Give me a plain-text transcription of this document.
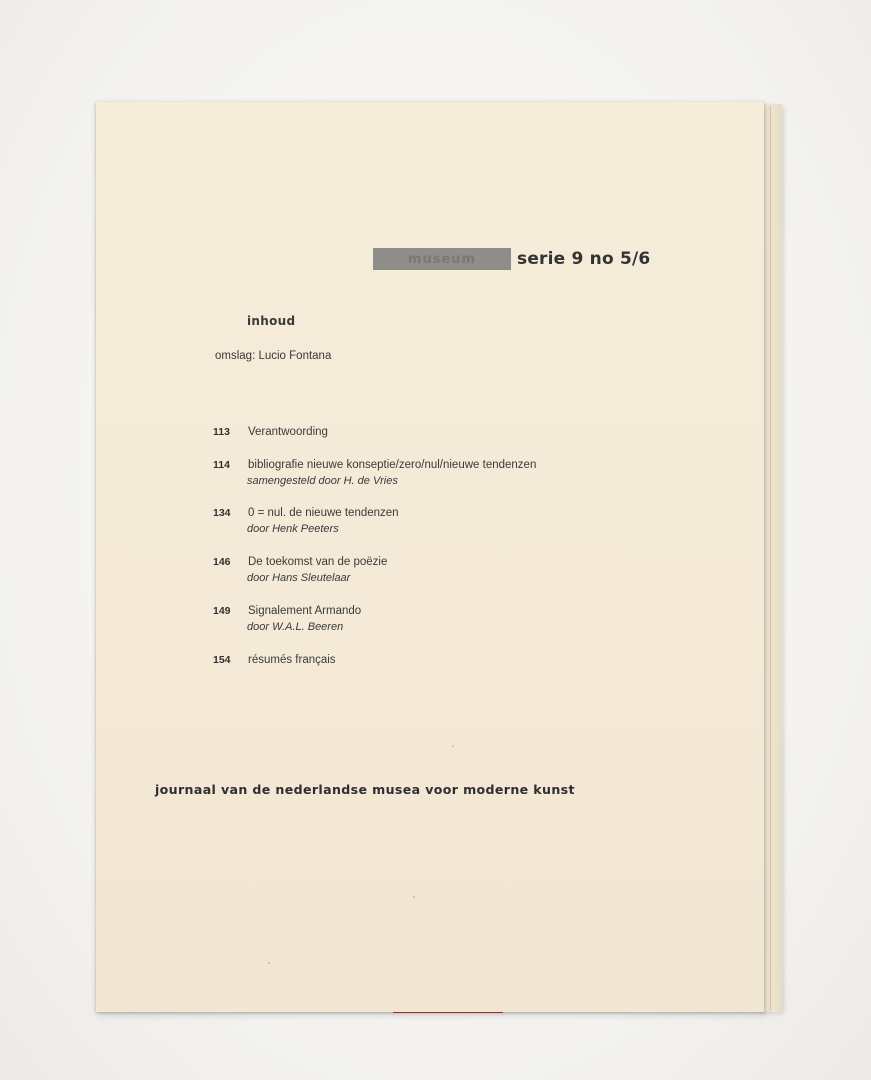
museum serie 9 no 5/6
inhoud
omslag: Lucio Fontana
113	Verantwoording
114	bibliografie nieuwe konseptie/zero/nul/nieuwe tendenzen
samengesteld door H. de Vries
134	0 = nul. de nieuwe tendenzen
door Henk Peeters
146	De toekomst van de poëzie
door Hans Sleutelaar
149	Signalement Armando
door W.A.L. Beeren
154	résumés français
journaal van de nederlandse musea voor moderne kunst
